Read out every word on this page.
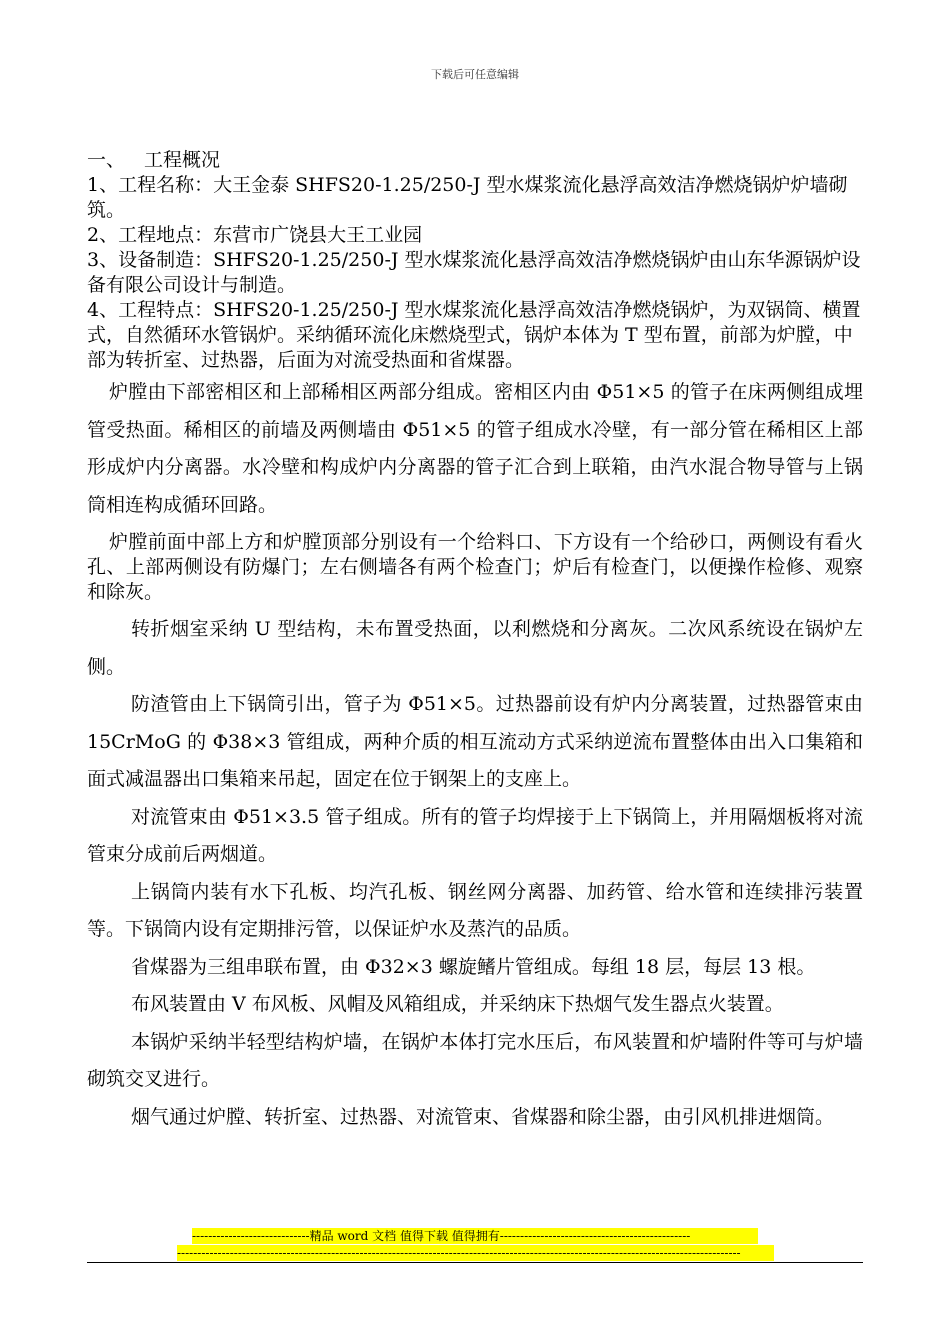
下载后可任意编辑

一、 工程概况

1、工程名称：大王金泰 SHFS20-1.25/250-J 型水煤浆流化悬浮高效洁净燃烧锅炉炉墙砌筑。

2、工程地点：东营市广饶县大王工业园

3、设备制造：SHFS20-1.25/250-J 型水煤浆流化悬浮高效洁净燃烧锅炉由山东华源锅炉设备有限公司设计与制造。

4、工程特点：SHFS20-1.25/250-J 型水煤浆流化悬浮高效洁净燃烧锅炉，为双锅筒、横置式，自然循环水管锅炉。采纳循环流化床燃烧型式，锅炉本体为 T 型布置，前部为炉膛，中部为转折室、过热器，后面为对流受热面和省煤器。

炉膛由下部密相区和上部稀相区两部分组成。密相区内由 Φ51×5 的管子在床两侧组成埋管受热面。稀相区的前墙及两侧墙由 Φ51×5 的管子组成水冷壁，有一部分管在稀相区上部形成炉内分离器。水冷壁和构成炉内分离器的管子汇合到上联箱，由汽水混合物导管与上锅筒相连构成循环回路。

炉膛前面中部上方和炉膛顶部分别设有一个给料口、下方设有一个给砂口，两侧设有看火孔、上部两侧设有防爆门；左右侧墙各有两个检查门；炉后有检查门，以便操作检修、观察和除灰。

转折烟室采纳 U 型结构，未布置受热面，以利燃烧和分离灰。二次风系统设在锅炉左侧。

防渣管由上下锅筒引出，管子为 Φ51×5。过热器前设有炉内分离装置，过热器管束由 15CrMoG 的 Φ38×3 管组成，两种介质的相互流动方式采纳逆流布置整体由出入口集箱和面式减温器出口集箱来吊起，固定在位于钢架上的支座上。

对流管束由 Φ51×3.5 管子组成。所有的管子均焊接于上下锅筒上，并用隔烟板将对流管束分成前后两烟道。

上锅筒内装有水下孔板、均汽孔板、钢丝网分离器、加药管、给水管和连续排污装置等。下锅筒内设有定期排污管，以保证炉水及蒸汽的品质。

省煤器为三组串联布置，由 Φ32×3 螺旋鳍片管组成。每组 18 层，每层 13 根。

布风装置由 V 布风板、风帽及风箱组成，并采纳床下热烟气发生器点火装置。

本锅炉采纳半轻型结构炉墙，在锅炉本体打完水压后，布风装置和炉墙附件等可与炉墙砌筑交叉进行。

烟气通过炉膛、转折室、过热器、对流管束、省煤器和除尘器，由引风机排进烟筒。

-----------------------------精品 word 文档 值得下载 值得拥有-----------------------------------------------
-------------------------------------------------------------------------------------------------------------------------------------------
